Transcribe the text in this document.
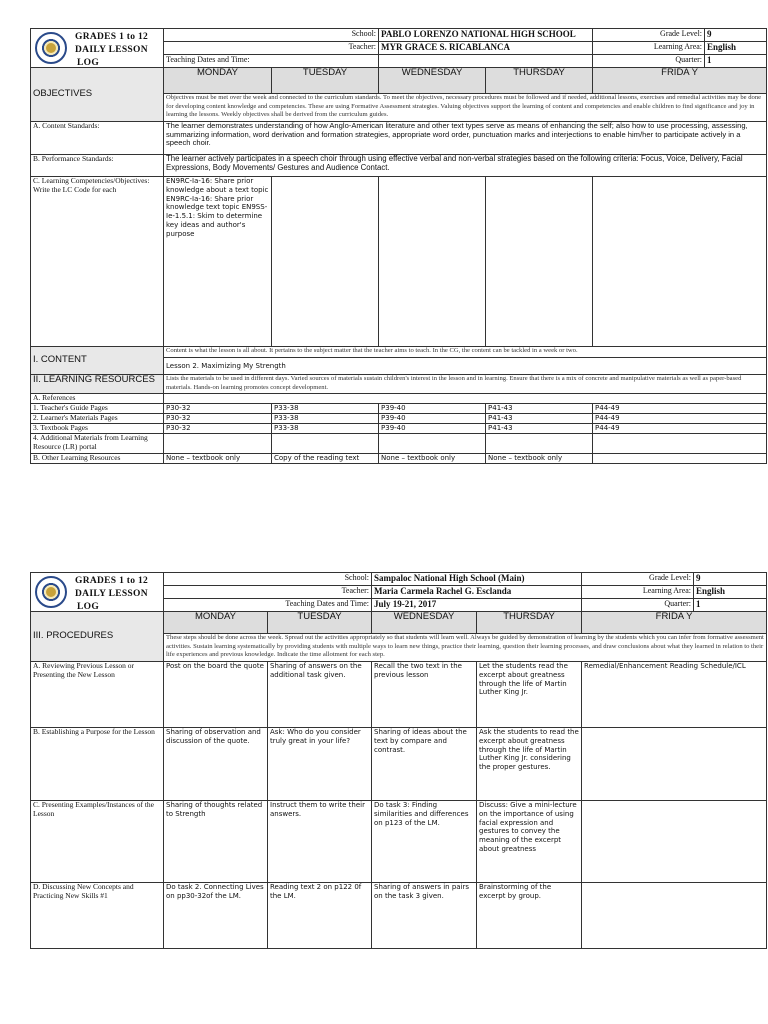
GRADES 1 to 12
DAILY LESSON
LOG	School:		PABLO LORENZO NATIONAL HIGH SCHOOL		Grade Level:	9
	Teacher:		MYR GRACE S. RICABLANCA		Learning Area:	English
	Teaching Dates and Time:				Quarter:	1
OBJECTIVES	MONDAY	TUESDAY	WEDNESDAY	THURSDAY	FRIDA Y	
	Objectives must be met over the week and connected to the curriculum standards. To meet the objectives, necessary procedures must be followed and if needed, additional lessons, exercises and remedial activities may be done for developing content knowledge and competencies. These are using Formative Assessment strategies. Valuing objectives support the learning of content and competencies and enable children to find significance and joy in learning the lessons. Weekly objectives shall be derived from the curriculum guides.					
A. Content Standards:	The learner demonstrates understanding of how Anglo-American literature and other text types serve as means of enhancing the self; also how to use processing, assessing, summarizing information, word derivation and formation strategies, appropriate word order, punctuation marks and interjections to enable him/her to participate actively in a speech choir.					
B. Performance Standards:	The learner actively participates in a speech choir through using effective verbal and non-verbal strategies based on the following criteria: Focus, Voice, Delivery, Facial Expressions, Body Movements/ Gestures and Audience Contact.					
C. Learning Competencies/Objectives: Write the LC Code for each	EN9RC-Ia-16: Share prior knowledge about a text topic EN9RC-Ia-16: Share prior knowledge text topic EN9SS-Ie-1.5.1: Skim to determine key ideas and author's purpose					
I. CONTENT	Content is what the lesson is all about. It pertains to the subject matter that the teacher aims to teach. In the CG, the content can be tackled in a week or two.					
	Lesson 2. Maximizing My Strength					
II. LEARNING RESOURCES	Lists the materials to be used in different days. Varied sources of materials sustain children's interest in the lesson and in learning. Ensure that there is a mix of concrete and manipulative materials as well as paper-based materials. Hands-on learning promotes concept development.					
A. References						
1. Teacher's Guide Pages	P30-32	P33-38	P39-40	P41-43	P44-49	
2. Learner's Materials Pages	P30-32	P33-38	P39-40	P41-43	P44-49	
3. Textbook Pages	P30-32	P33-38	P39-40	P41-43	P44-49	
4. Additional Materials from Learning Resource (LR) portal						
B. Other Learning Resources	None – textbook only	Copy of the reading text	None – textbook only	None – textbook only		
GRADES 1 to 12
DAILY LESSON
LOG	School:		Sampaloc National High School (Main)		Grade Level:	9
	Teacher:		Maria Carmela Rachel G. Esclanda		Learning Area:	English
	Teaching Dates and Time:		July 19-21, 2017		Quarter:	1
III. PROCEDURES	MONDAY	TUESDAY	WEDNESDAY	THURSDAY	FRIDA Y	
	These steps should be done across the week. Spread out the activities appropriately so that students will learn well. Always be guided by demonstration of learning by the students which you can infer from formative assessment activities. Sustain learning systematically by providing students with multiple ways to learn new things, practice their learning, question their learning processes, and draw conclusions about what they learned in relation to their life experiences and previous knowledge. Indicate the time allotment for each step.					
A. Reviewing Previous Lesson or Presenting the New Lesson	Post on the board the quote	Sharing of answers on the additional task given.	Recall the two text in the previous lesson	Let the students read the excerpt about greatness through the life of Martin Luther King Jr.	Remedial/Enhancement Reading Schedule/ICL	
B. Establishing a Purpose for the Lesson	Sharing of observation and discussion of the quote.	Ask: Who do you consider truly great in your life?	Sharing of ideas about the text by compare and contrast.	Ask the students to read the excerpt about greatness through the life of Martin Luther King Jr. considering the proper gestures.		
C. Presenting Examples/Instances of the Lesson	Sharing of thoughts related to Strength	Instruct them to write their answers.	Do task 3: Finding similarities and differences on p123 of the LM.	Discuss: Give a mini-lecture on the importance of using facial expression and gestures to convey the meaning of the excerpt about greatness		
D. Discussing New Concepts and Practicing New Skills #1	Do task 2. Connecting Lives on pp30-32of the LM.	Reading text 2 on p122 0f the LM.	Sharing of answers in pairs on the task 3 given.	Brainstorming of the excerpt by group.		
